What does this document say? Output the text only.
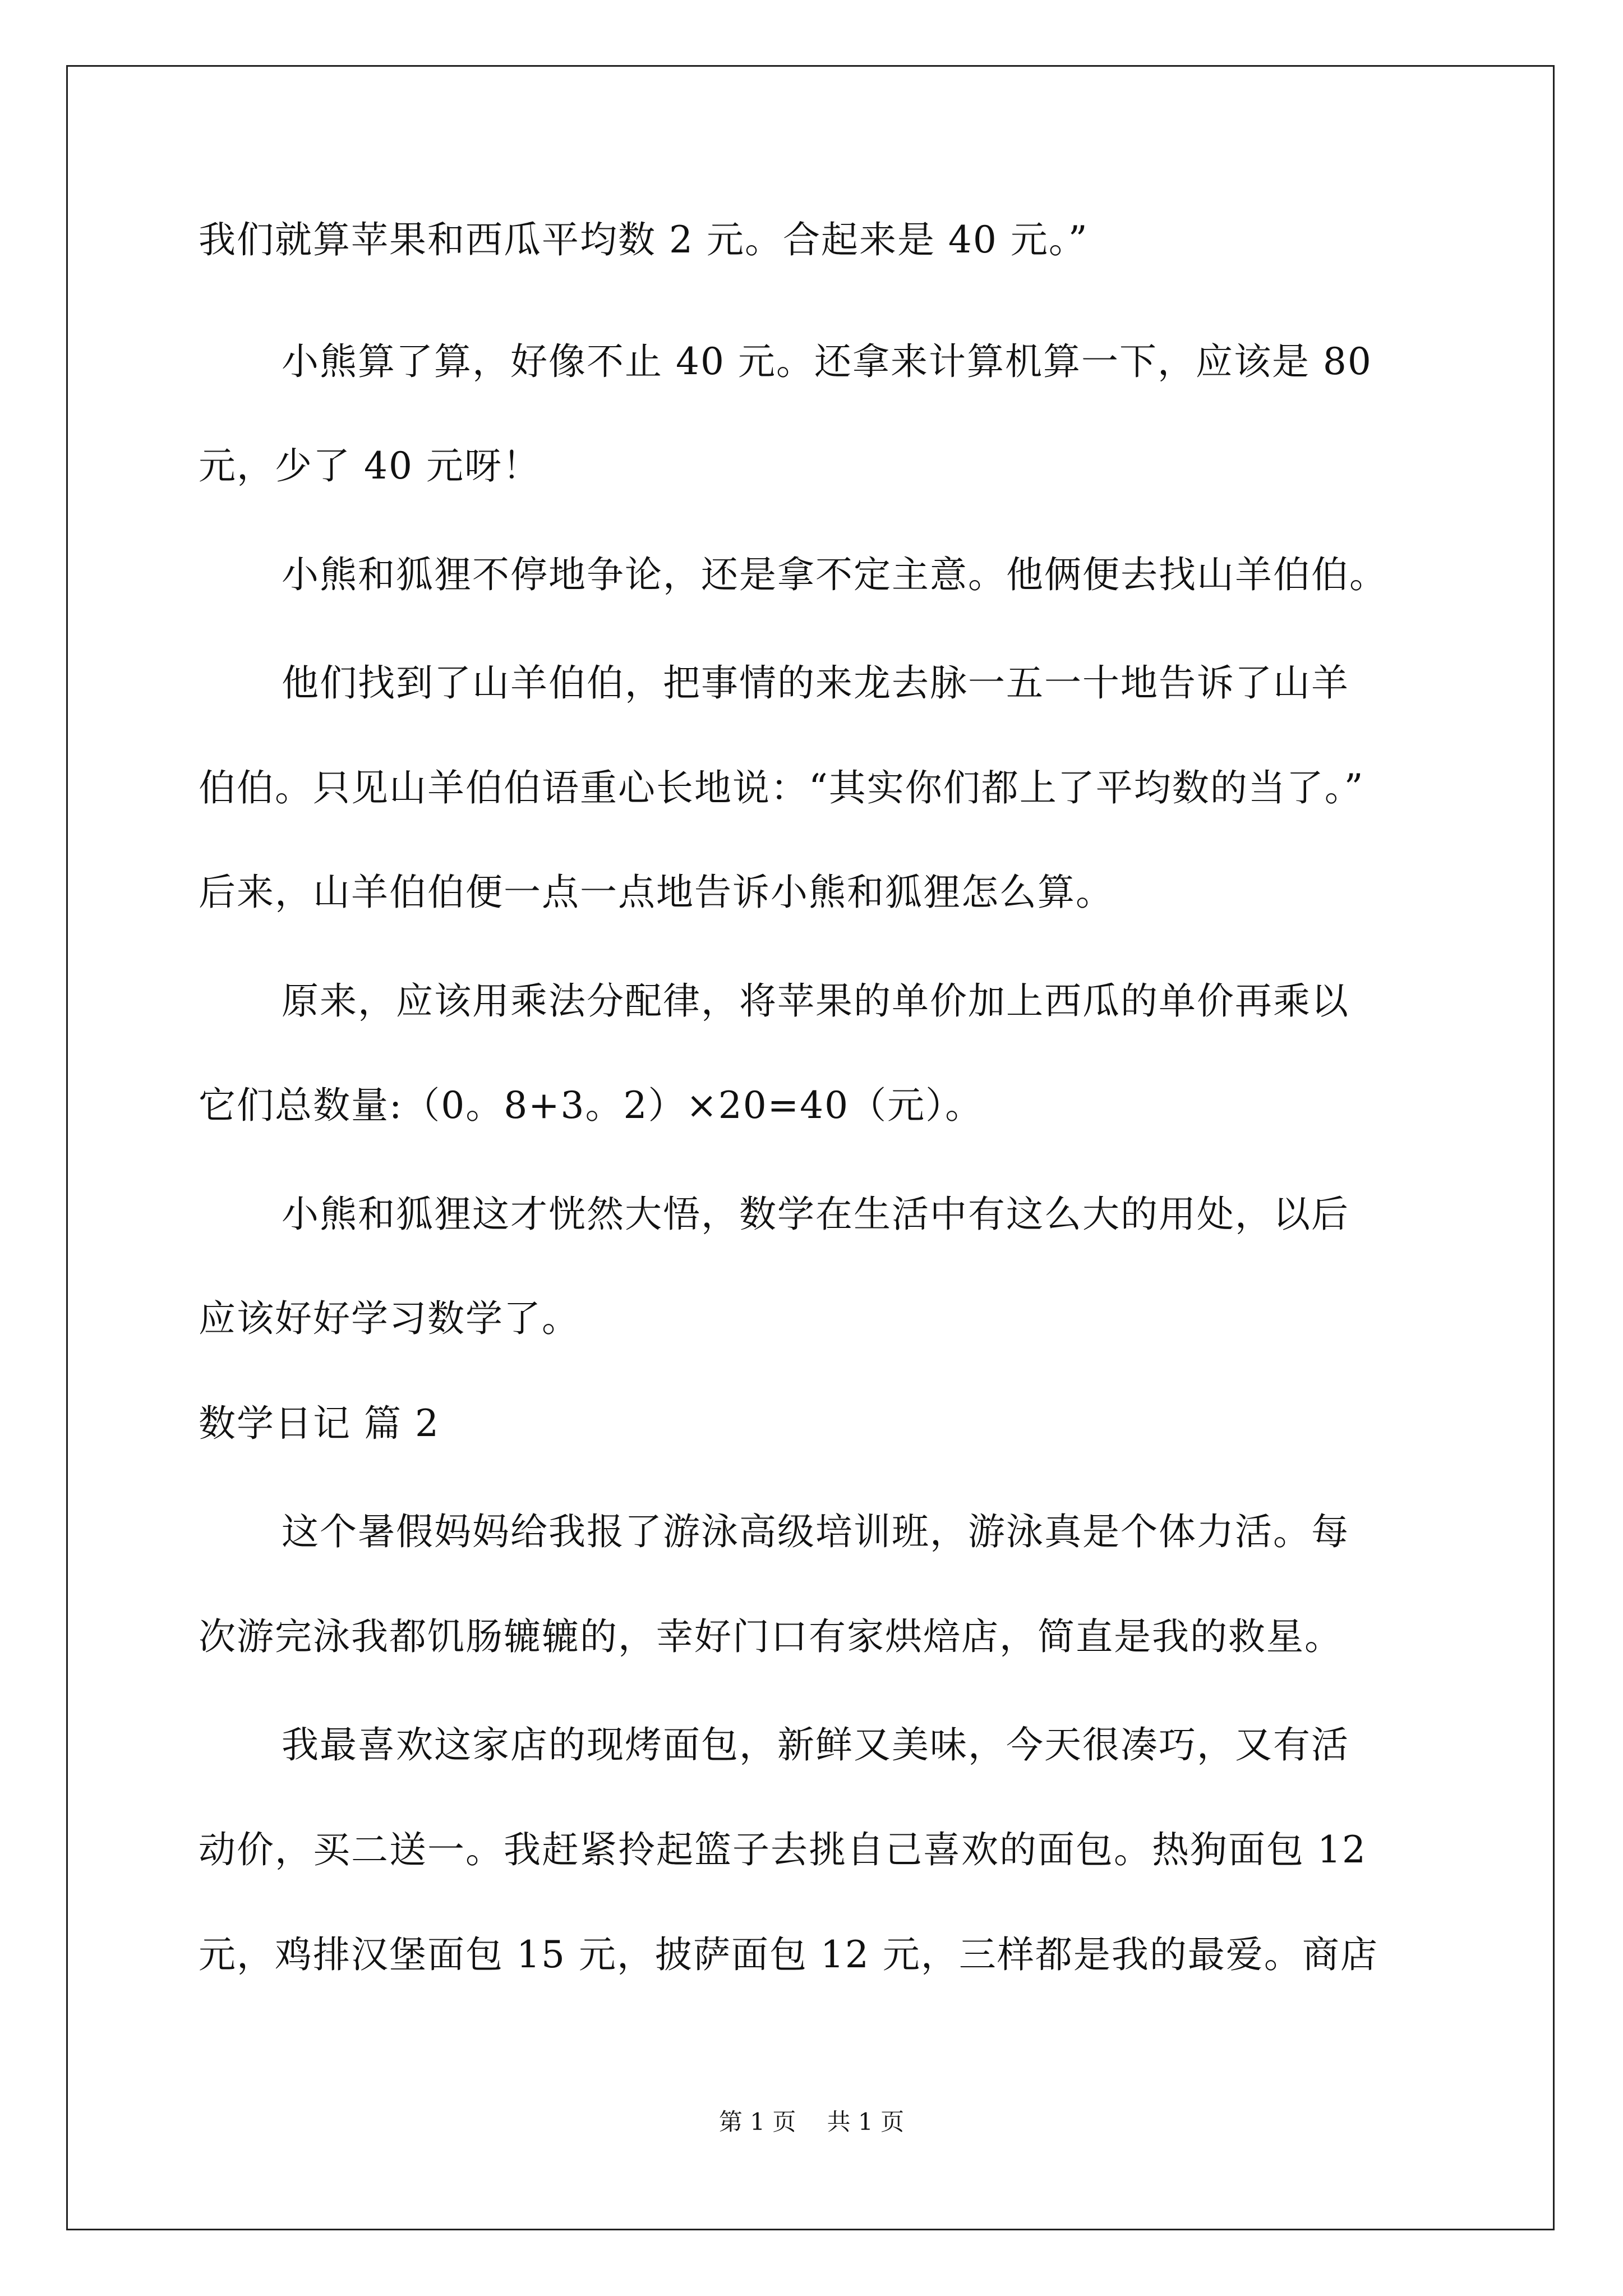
我们就算苹果和西瓜平均数 2 元。合起来是 40 元。”
小熊算了算，好像不止 40 元。还拿来计算机算一下，应该是 80
元，少了 40 元呀！
小熊和狐狸不停地争论，还是拿不定主意。他俩便去找山羊伯伯。
他们找到了山羊伯伯，把事情的来龙去脉一五一十地告诉了山羊
伯伯。只见山羊伯伯语重心长地说：“其实你们都上了平均数的当了。”
后来，山羊伯伯便一点一点地告诉小熊和狐狸怎么算。
原来，应该用乘法分配律，将苹果的单价加上西瓜的单价再乘以
它们总数量:（0。8+3。2）×20=40（元）。
小熊和狐狸这才恍然大悟，数学在生活中有这么大的用处，以后
应该好好学习数学了。
数学日记 篇 2
这个暑假妈妈给我报了游泳高级培训班，游泳真是个体力活。每
次游完泳我都饥肠辘辘的，幸好门口有家烘焙店，简直是我的救星。
我最喜欢这家店的现烤面包，新鲜又美味，今天很凑巧，又有活
动价，买二送一。我赶紧拎起篮子去挑自己喜欢的面包。热狗面包 12
元，鸡排汉堡面包 15 元，披萨面包 12 元，三样都是我的最爱。商店
第 1 页　 共 1 页
